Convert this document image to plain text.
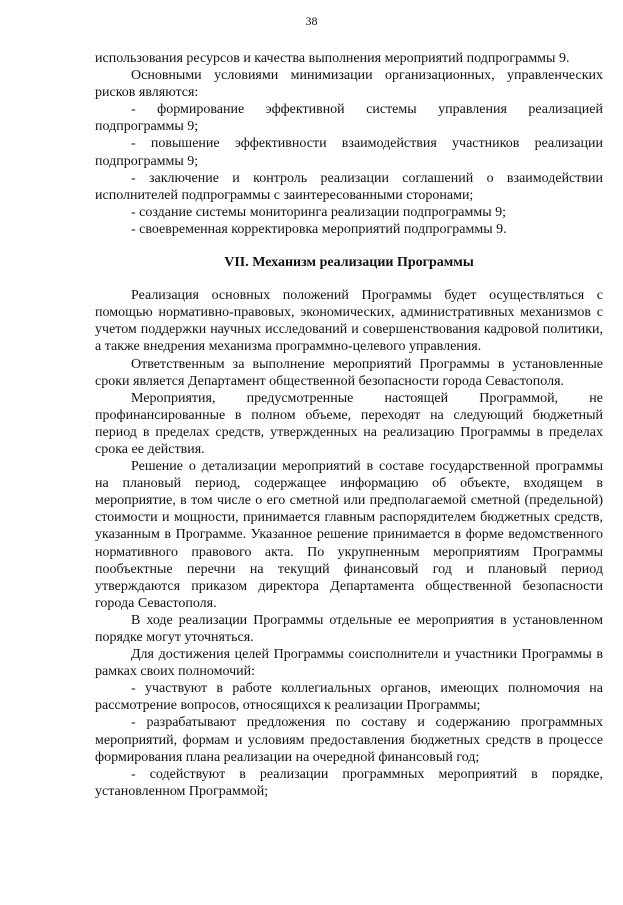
38

использования ресурсов и качества выполнения мероприятий подпрограммы 9.

Основными условиями минимизации организационных, управленческих рисков являются:

- формирование эффективной системы управления реализацией подпрограммы 9;

- повышение эффективности взаимодействия участников реализации подпрограммы 9;

- заключение и контроль реализации соглашений о взаимодействии исполнителей подпрограммы с заинтересованными сторонами;

- создание системы мониторинга реализации подпрограммы 9;

- своевременная корректировка мероприятий подпрограммы 9.

VII. Механизм реализации Программы

Реализация основных положений Программы будет осуществляться с помощью нормативно-правовых, экономических, административных механизмов с учетом поддержки научных исследований и совершенствования кадровой политики, а также внедрения механизма программно-целевого управления.

Ответственным за выполнение мероприятий Программы в установленные сроки является Департамент общественной безопасности города Севастополя.

Мероприятия, предусмотренные настоящей Программой, не профинансированные в полном объеме, переходят на следующий бюджетный период в пределах средств, утвержденных на реализацию Программы в пределах срока ее действия.

Решение о детализации мероприятий в составе государственной программы на плановый период, содержащее информацию об объекте, входящем в мероприятие, в том числе о его сметной или предполагаемой сметной (предельной) стоимости и мощности, принимается главным распорядителем бюджетных средств, указанным в Программе. Указанное решение принимается в форме ведомственного нормативного правового акта. По укрупненным мероприятиям Программы пообъектные перечни на текущий финансовый год и плановый период утверждаются приказом директора Департамента общественной безопасности города Севастополя.

В ходе реализации Программы отдельные ее мероприятия в установленном порядке могут уточняться.

Для достижения целей Программы соисполнители и участники Программы в рамках своих полномочий:

- участвуют в работе коллегиальных органов, имеющих полномочия на рассмотрение вопросов, относящихся к реализации Программы;

- разрабатывают предложения по составу и содержанию программных мероприятий, формам и условиям предоставления бюджетных средств в процессе формирования плана реализации на очередной финансовый год;

- содействуют в реализации программных мероприятий в порядке, установленном Программой;
